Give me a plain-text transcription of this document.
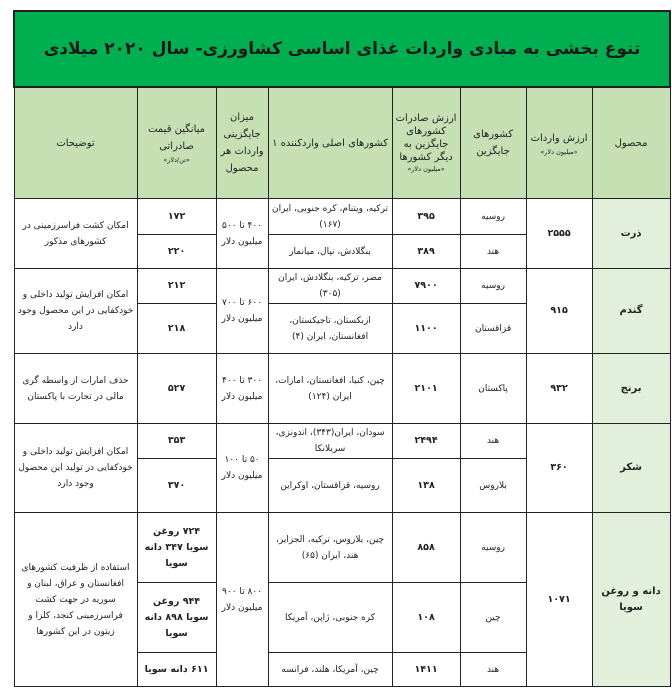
تنوع بخشی به مبادی واردات غذای اساسی کشاورزی- سال ۲۰۲۰ میلادی							
محصول	ارزش واردات
«میلیون دلار»	کشورهای جایگزین	ارزش صادرات کشورهای جایگزین به دیگر کشورها
«میلیون دلار»	کشورهای اصلی واردکننده ۱	میزان جایگزینی واردات هر محصول	میانگین قیمت صادراتی
«تن/دلار»	توضیحات
ذرت	۲۵۵۵	روسیه	۳۹۵	ترکیه، ویتنام، کره جنوبی، ایران (۱۶۷)	۴۰۰ تا ۵۰۰ میلیون دلار	۱۷۲	امکان کشت فراسرزمینی در کشورهای مذکور
		هند	۳۸۹	بنگلادش، نپال، میانمار		۲۲۰	
گندم	۹۱۵	روسیه	۷۹۰۰	مصر، ترکیه، بنگلادش، ایران (۳۰۵)	۶۰۰ تا ۷۰۰ میلیون دلار	۲۱۲	امکان افزایش تولید داخلی و خودکفایی در این محصول وجود دارد
		قزاقستان	۱۱۰۰	ازبکستان، تاجیکستان، افغانستان، ایران (۴)		۲۱۸	
برنج	۹۳۲	پاکستان	۲۱۰۱	چین، کنیا، افغانستان، امارات، ایران (۱۲۴)	۳۰۰ تا ۴۰۰ میلیون دلار	۵۲۷	حذف امارات از واسطه گری مالی در تجارت با پاکستان
شکر	۳۶۰	هند	۲۴۹۴	سودان، ایران(۳۴۳)، اندونزی، سریلانکا	۵۰ تا ۱۰۰ میلیون دلار	۳۵۳	امکان افزایش تولید داخلی و خودکفایی در تولید این محصول وجود دارد
		بلاروس	۱۳۸	روسیه، قزاقستان، اوکراین		۳۷۰	
دانه و روغن سویا	۱۰۷۱	روسیه	۸۵۸	چین، بلاروس، ترکیه، الجزایر، هند، ایران (۶۵)	۸۰۰ تا ۹۰۰ میلیون دلار	۷۲۴ روغن سویا ۳۴۷ دانه سویا	استفاده از ظرفیت کشورهای افغانستان و عراق، لبنان و سوریه در جهت کشت فراسرزمینی کنجد، کلزا و زیتون در این کشورها
		چین	۱۰۸	کره جنوبی، ژاپن، آمریکا		۹۴۴ روغن سویا ۸۹۸ دانه سویا	
		هند	۱۴۱۱	چین، آمریکا، هلند، فرانسه		۶۱۱ دانه سویا	
